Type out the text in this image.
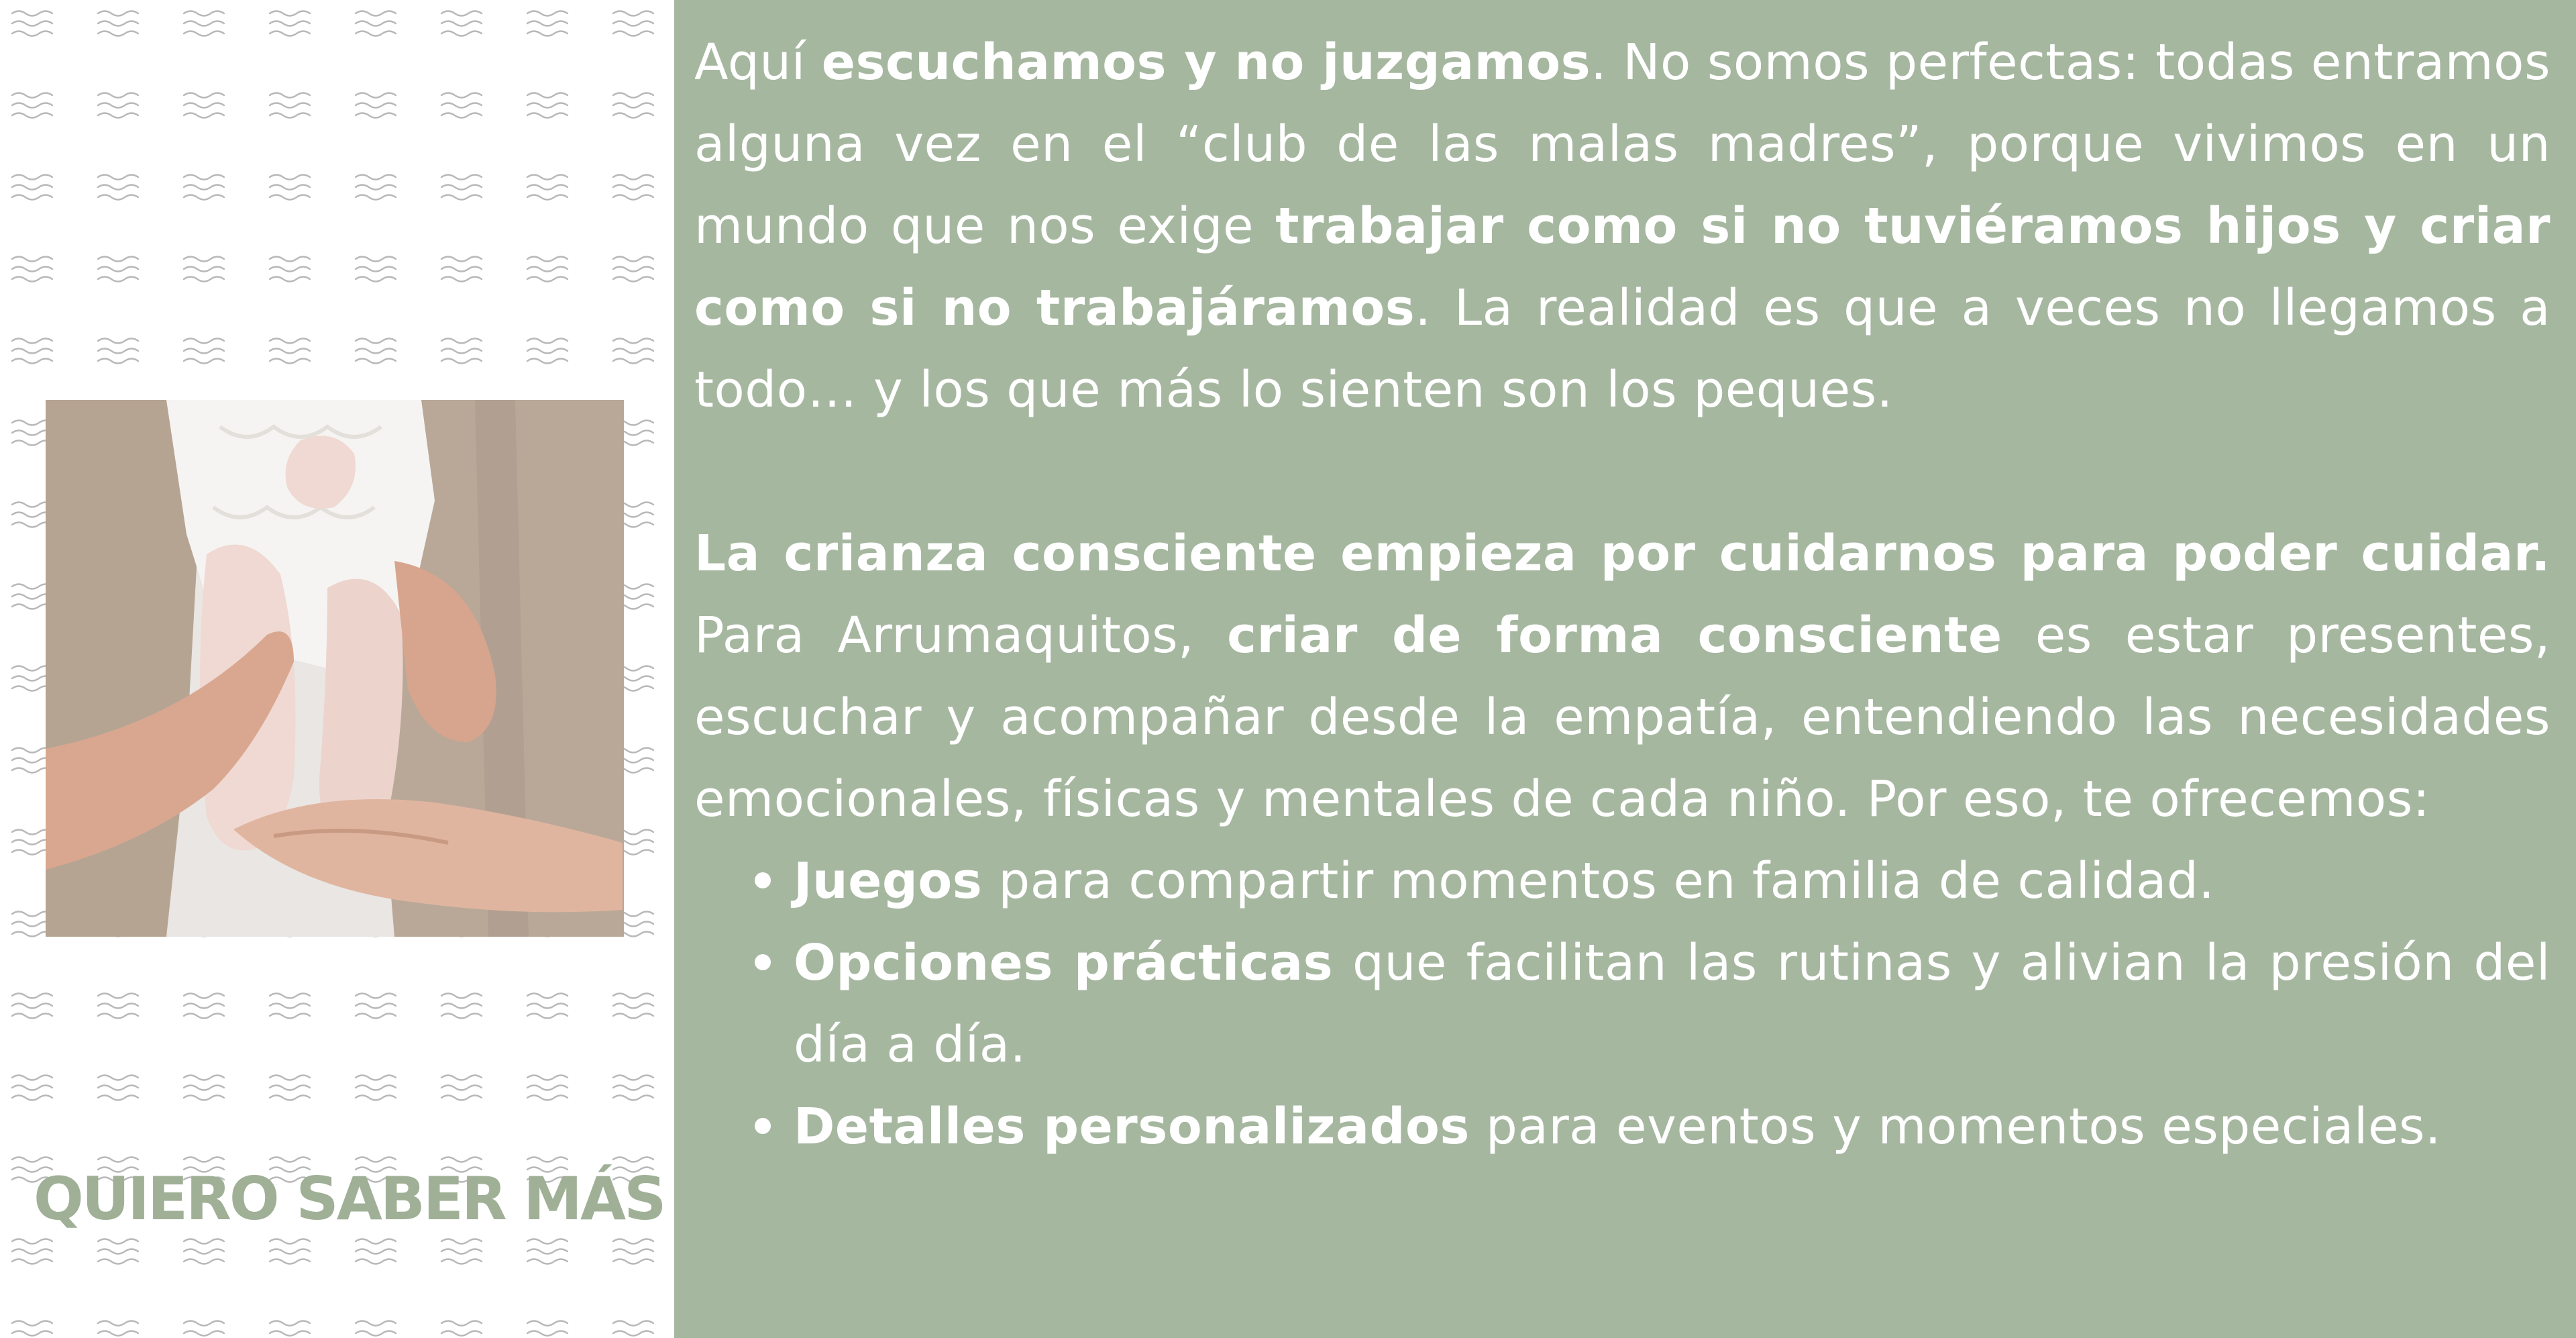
QUIERO SABER MÁS

Aquí escuchamos y no juzgamos. No somos perfectas: todas entramos alguna vez en el “club de las malas madres”, porque vivimos en un mundo que nos exige trabajar como si no tuviéramos hijos y criar como si no trabajáramos. La realidad es que a veces no llegamos a todo… y los que más lo sienten son los peques.

La crianza consciente empieza por cuidarnos para poder cuidar. Para Arrumaquitos, criar de forma consciente es estar presentes, escuchar y acompañar desde la empatía, entendiendo las necesidades emocionales, físicas y mentales de cada niño. Por eso, te ofrecemos:

Juegos para compartir momentos en familia de calidad.
Opciones prácticas que facilitan las rutinas y alivian la presión del día a día.
Detalles personalizados para eventos y momentos especiales.
